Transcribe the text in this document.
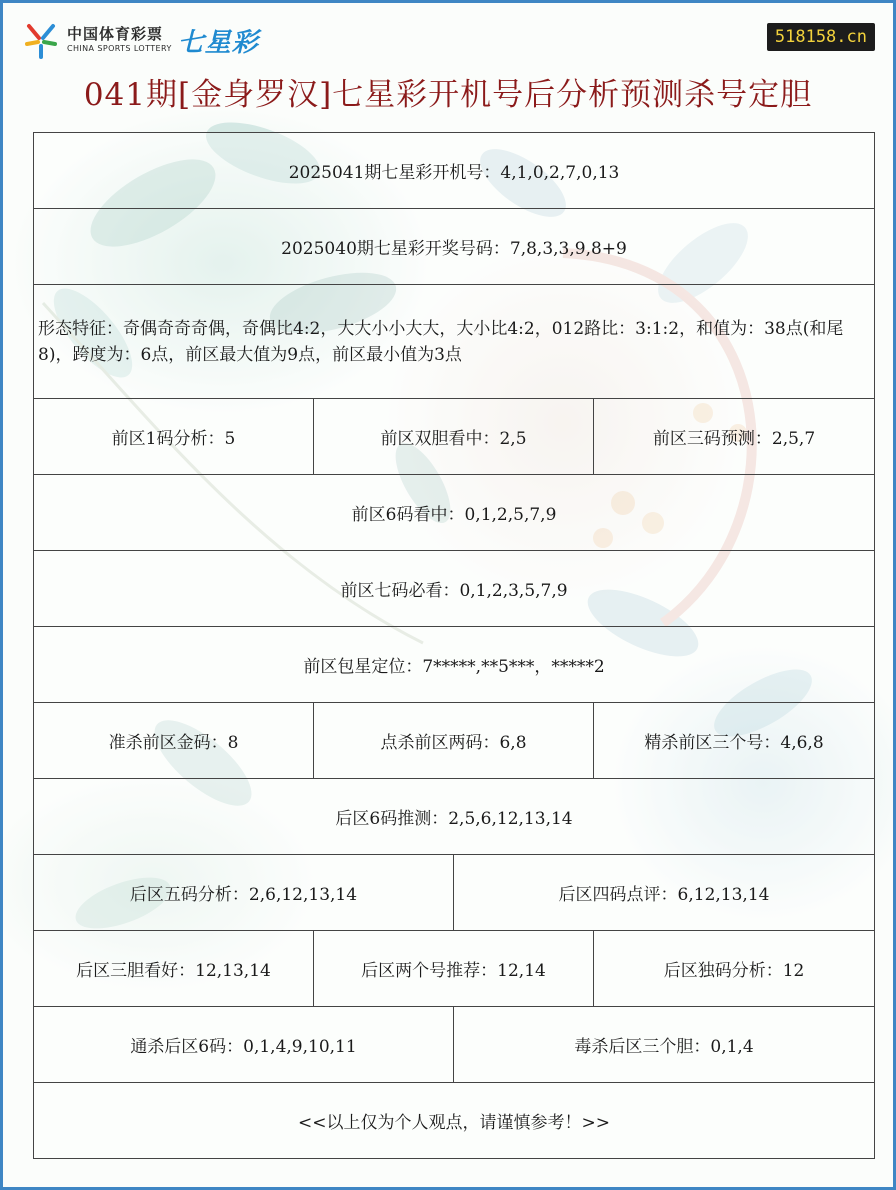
中国体育彩票
CHINA SPORTS LOTTERY 七星彩	518158.cn
041期[金身罗汉]七星彩开机号后分析预测杀号定胆
2025041期七星彩开机号：4,1,0,2,7,0,13			
2025040期七星彩开奖号码：7,8,3,3,9,8+9			
形态特征：奇偶奇奇奇偶，奇偶比4:2，大大小小大大，大小比4:2，012路比：3:1:2，和值为：38点(和尾8)，跨度为：6点，前区最大值为9点，前区最小值为3点			
前区1码分析：5	前区双胆看中：2,5		前区三码预测：2,5,7
前区6码看中：0,1,2,5,7,9			
前区七码必看：0,1,2,3,5,7,9			
前区包星定位：7*****,**5***，*****2			
准杀前区金码：8	点杀前区两码：6,8		精杀前区三个号：4,6,8
后区6码推测：2,5,6,12,13,14			
后区五码分析：2,6,12,13,14		后区四码点评：6,12,13,14	
后区三胆看好：12,13,14	后区两个号推荐：12,14		后区独码分析：12
通杀后区6码：0,1,4,9,10,11		毒杀后区三个胆：0,1,4	
<<以上仅为个人观点，请谨慎参考！>>			
